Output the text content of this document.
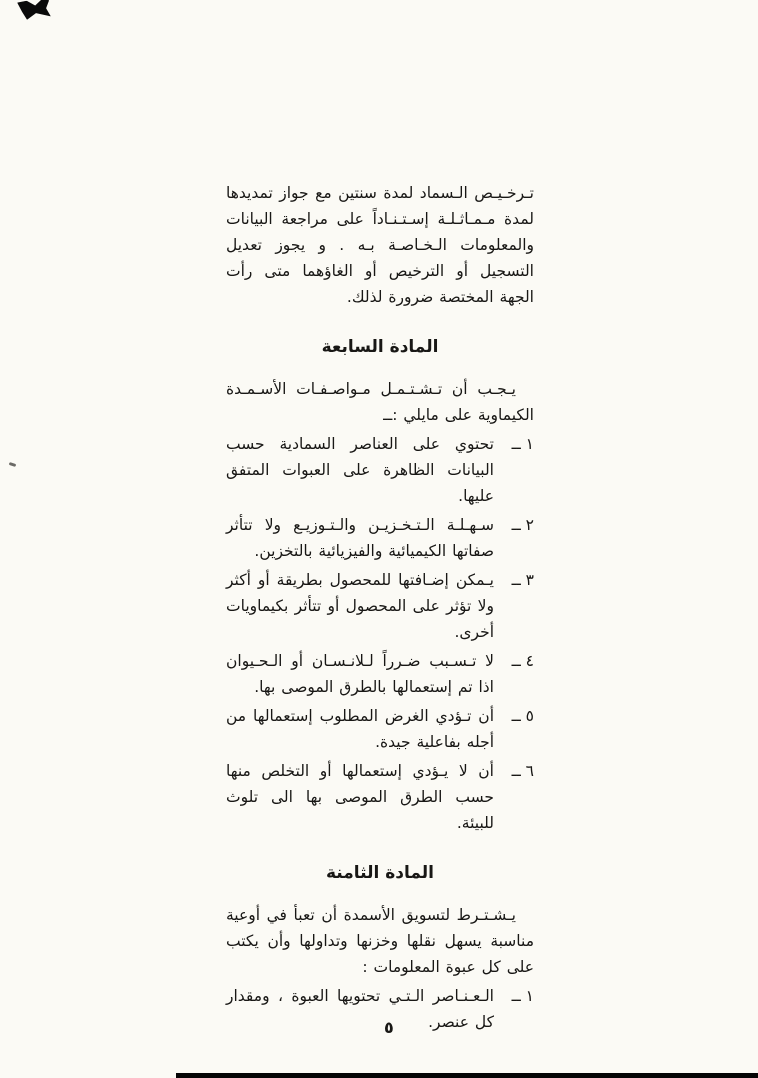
تـرخـيـص الـسماد لمدة سنتين مع جواز تمديدها لمدة مـمـاثـلـة إسـتـنـاداً على مراجعة البيانات والمعلومات الـخـاصـة بـه . و يجوز تعديل التسجيل أو الترخيص أو الغاؤهما متى رأت الجهة المختصة ضرورة لذلك.

المادة السابعة

يـجـب أن تـشـتـمـل مـواصـفـات الأسـمـدة الكيماوية على مايلي :ــ

١ ــ
تحتوي على العناصر السمادية حسب البيانات الظاهرة على العبوات المتفق عليها.
٢ ــ
سـهـلـة الـتـخـزيـن والـتـوزيـع ولا تتأثر صفاتها الكيميائية والفيزيائية بالتخزين.
٣ ــ
يـمكن إضـافتها للمحصول بطريقة أو أكثر ولا تؤثر على المحصول أو تتأثر بكيماويات أخرى.
٤ ــ
لا تـسـبب ضـرراً لـلانـسـان أو الـحـيوان اذا تم إستعمالها بالطرق الموصى بها.
٥ ــ
أن تـؤدي الغرض المطلوب إستعمالها من أجله بفاعلية جيدة.
٦ ــ
أن لا يـؤدي إستعمالها أو التخلص منها حسب الطرق الموصى بها الى تلوث للبيئة.
المادة الثامنة

يـشـتـرط لتسويق الأسمدة أن تعبأ في أوعية مناسبة يسهل نقلها وخزنها وتداولها وأن يكتب على كل عبوة المعلومات :

١ ــ
الـعـنـاصر الـتـي تحتويها العبوة ، ومقدار كل عنصر.
٥
